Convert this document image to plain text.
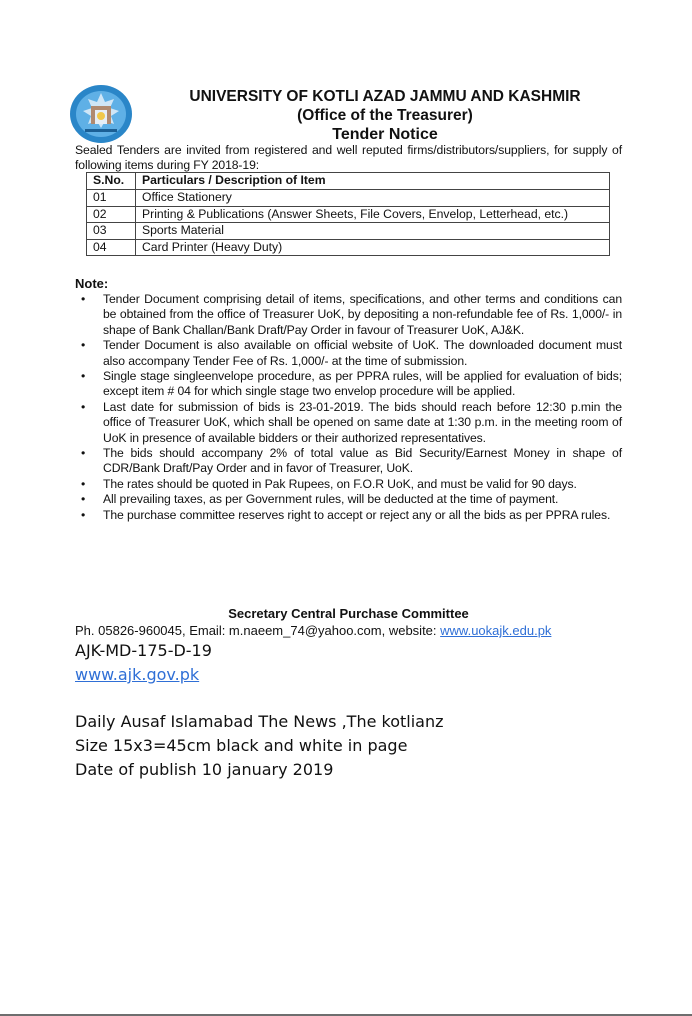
UNIVERSITY OF KOTLI AZAD JAMMU AND KASHMIR
(Office of the Treasurer)
Tender Notice
Sealed Tenders are invited from registered and well reputed firms/distributors/suppliers, for supply of following items during FY 2018-19:
S.No.	Particulars / Description of Item
01	Office Stationery
02	Printing & Publications (Answer Sheets, File Covers, Envelop, Letterhead, etc.)
03	Sports Material
04	Card Printer (Heavy Duty)
Note:
• Tender Document comprising detail of items, specifications, and other terms and conditions can be obtained from the office of Treasurer UoK, by depositing a non-refundable fee of Rs. 1,000/- in shape of Bank Challan/Bank Draft/Pay Order in favour of Treasurer UoK, AJ&K.
• Tender Document is also available on official website of UoK. The downloaded document must also accompany Tender Fee of Rs. 1,000/- at the time of submission.
• Single stage singleenvelope procedure, as per PPRA rules, will be applied for evaluation of bids; except item # 04 for which single stage two envelop procedure will be applied.
• Last date for submission of bids is 23-01-2019. The bids should reach before 12:30 p.min the office of Treasurer UoK, which shall be opened on same date at 1:30 p.m. in the meeting room of UoK in presence of available bidders or their authorized representatives.
• The bids should accompany 2% of total value as Bid Security/Earnest Money in shape of CDR/Bank Draft/Pay Order and in favor of Treasurer, UoK.
• The rates should be quoted in Pak Rupees, on F.O.R UoK, and must be valid for 90 days.
• All prevailing taxes, as per Government rules, will be deducted at the time of payment.
• The purchase committee reserves right to accept or reject any or all the bids as per PPRA rules.
Secretary Central Purchase Committee
Ph. 05826-960045, Email: m.naeem_74@yahoo.com, website: www.uokajk.edu.pk
AJK-MD-175-D-19
www.ajk.gov.pk
Daily Ausaf Islamabad The News ,The kotlianz
Size 15x3=45cm black and white in page
Date of publish 10 january 2019
